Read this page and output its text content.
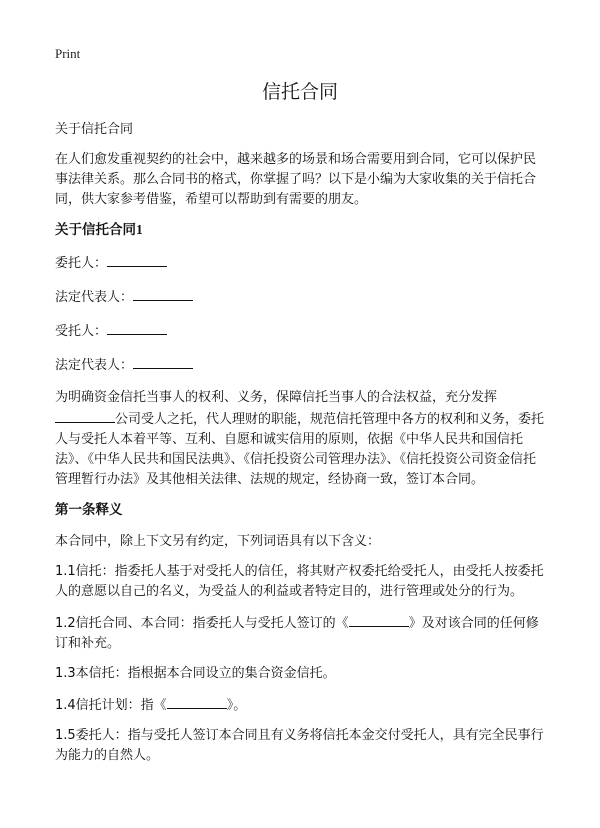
Print
信托合同

关于信托合同

在人们愈发重视契约的社会中，越来越多的场景和场合需要用到合同，它可以保护民事法律关系。那么合同书的格式，你掌握了吗？以下是小编为大家收集的关于信托合同，供大家参考借鉴，希望可以帮助到有需要的朋友。

关于信托合同1

委托人：

法定代表人：

受托人：

法定代表人：

为明确资金信托当事人的权利、义务，保障信托当事人的合法权益，充分发挥公司受人之托，代人理财的职能，规范信托管理中各方的权利和义务，委托人与受托人本着平等、互利、自愿和诚实信用的原则，依据《中华人民共和国信托法》、《中华人民共和国民法典》、《信托投资公司管理办法》、《信托投资公司资金信托管理暂行办法》及其他相关法律、法规的规定，经协商一致，签订本合同。

第一条释义

本合同中，除上下文另有约定，下列词语具有以下含义：

1.1信托：指委托人基于对受托人的信任，将其财产权委托给受托人，由受托人按委托人的意愿以自己的名义，为受益人的利益或者特定目的，进行管理或处分的行为。

1.2信托合同、本合同：指委托人与受托人签订的《	》及对该合同的任何修订和补充。

1.3本信托：指根据本合同设立的集合资金信托。

1.4信托计划：指《	》。

1.5委托人：指与受托人签订本合同且有义务将信托本金交付受托人，具有完全民事行为能力的自然人。
